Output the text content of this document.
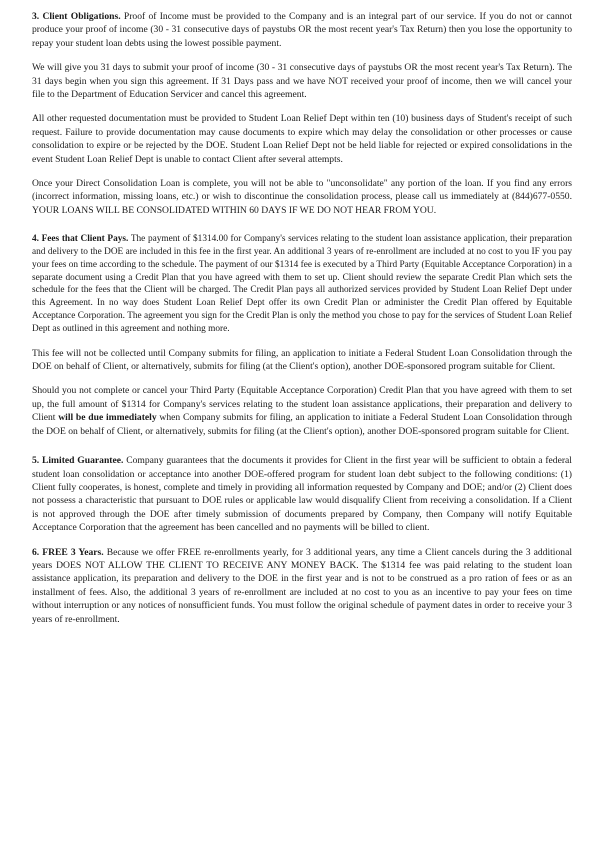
3. Client Obligations. Proof of Income must be provided to the Company and is an integral part of our service. If you do not or cannot produce your proof of income (30 - 31 consecutive days of paystubs OR the most recent year's Tax Return) then you lose the opportunity to repay your student loan debts using the lowest possible payment.

We will give you 31 days to submit your proof of income (30 - 31 consecutive days of paystubs OR the most recent year's Tax Return). The 31 days begin when you sign this agreement. If 31 Days pass and we have NOT received your proof of income, then we will cancel your file to the Department of Education Servicer and cancel this agreement.

All other requested documentation must be provided to Student Loan Relief Dept within ten (10) business days of Student's receipt of such request. Failure to provide documentation may cause documents to expire which may delay the consolidation or other processes or cause consolidation to expire or be rejected by the DOE. Student Loan Relief Dept not be held liable for rejected or expired consolidations in the event Student Loan Relief Dept is unable to contact Client after several attempts.

Once your Direct Consolidation Loan is complete, you will not be able to "unconsolidate" any portion of the loan. If you find any errors (incorrect information, missing loans, etc.) or wish to discontinue the consolidation process, please call us immediately at (844)677-0550. YOUR LOANS WILL BE CONSOLIDATED WITHIN 60 DAYS IF WE DO NOT HEAR FROM YOU.

4. Fees that Client Pays. The payment of $1314.00 for Company's services relating to the student loan assistance application, their preparation and delivery to the DOE are included in this fee in the first year. An additional 3 years of re-enrollment are included at no cost to you IF you pay your fees on time according to the schedule. The payment of our $1314 fee is executed by a Third Party (Equitable Acceptance Corporation) in a separate document using a Credit Plan that you have agreed with them to set up. Client should review the separate Credit Plan which sets the schedule for the fees that the Client will be charged. The Credit Plan pays all authorized services provided by Student Loan Relief Dept under this Agreement. In no way does Student Loan Relief Dept offer its own Credit Plan or administer the Credit Plan offered by Equitable Acceptance Corporation. The agreement you sign for the Credit Plan is only the method you chose to pay for the services of Student Loan Relief Dept as outlined in this agreement and nothing more.

This fee will not be collected until Company submits for filing, an application to initiate a Federal Student Loan Consolidation through the DOE on behalf of Client, or alternatively, submits for filing (at the Client's option), another DOE-sponsored program suitable for Client.

Should you not complete or cancel your Third Party (Equitable Acceptance Corporation) Credit Plan that you have agreed with them to set up, the full amount of $1314 for Company's services relating to the student loan assistance applications, their preparation and delivery to Client will be due immediately when Company submits for filing, an application to initiate a Federal Student Loan Consolidation through the DOE on behalf of Client, or alternatively, submits for filing (at the Client's option), another DOE-sponsored program suitable for Client.

5. Limited Guarantee. Company guarantees that the documents it provides for Client in the first year will be sufficient to obtain a federal student loan consolidation or acceptance into another DOE-offered program for student loan debt subject to the following conditions: (1) Client fully cooperates, is honest, complete and timely in providing all information requested by Company and DOE; and/or (2) Client does not possess a characteristic that pursuant to DOE rules or applicable law would disqualify Client from receiving a consolidation. If a Client is not approved through the DOE after timely submission of documents prepared by Company, then Company will notify Equitable Acceptance Corporation that the agreement has been cancelled and no payments will be billed to client.

6. FREE 3 Years. Because we offer FREE re-enrollments yearly, for 3 additional years, any time a Client cancels during the 3 additional years DOES NOT ALLOW THE CLIENT TO RECEIVE ANY MONEY BACK. The $1314 fee was paid relating to the student loan assistance application, its preparation and delivery to the DOE in the first year and is not to be construed as a pro ration of fees or as an installment of fees. Also, the additional 3 years of re-enrollment are included at no cost to you as an incentive to pay your fees on time without interruption or any notices of nonsufficient funds. You must follow the original schedule of payment dates in order to receive your 3 years of re-enrollment.
